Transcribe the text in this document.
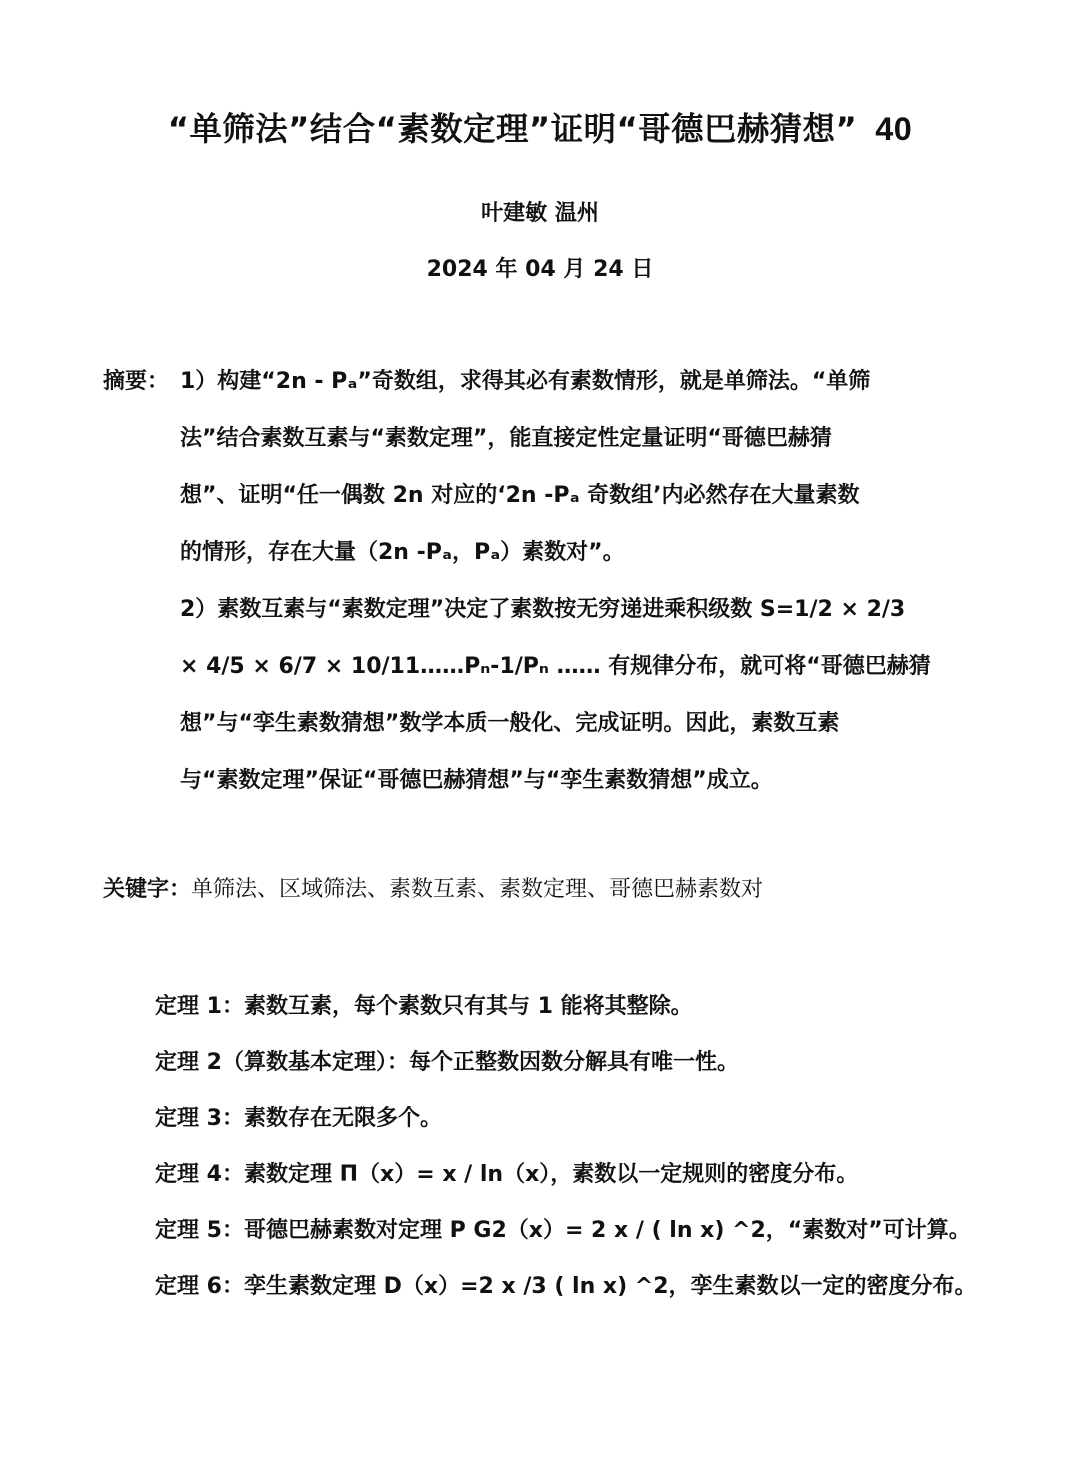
“单筛法”结合“素数定理”证明“哥德巴赫猜想” 40
叶建敏 温州
2024 年 04 月 24 日
摘要： 1）构建“2n - Pₐ”奇数组，求得其必有素数情形，就是单筛法。“单筛
法”结合素数互素与“素数定理”，能直接定性定量证明“哥德巴赫猜
想”、证明“任一偶数 2n 对应的‘2n -Pₐ 奇数组’内必然存在大量素数
的情形，存在大量（2n -Pₐ，Pₐ）素数对”。
2）素数互素与“素数定理”决定了素数按无穷递进乘积级数 S=1/2 × 2/3
× 4/5 × 6/7 × 10/11……Pₙ-1/Pₙ …… 有规律分布，就可将“哥德巴赫猜
想”与“孪生素数猜想”数学本质一般化、完成证明。因此，素数互素
与“素数定理”保证“哥德巴赫猜想”与“孪生素数猜想”成立。
关键字：单筛法、区域筛法、素数互素、素数定理、哥德巴赫素数对
定理 1：素数互素，每个素数只有其与 1 能将其整除。
定理 2（算数基本定理）：每个正整数因数分解具有唯一性。
定理 3：素数存在无限多个。
定理 4：素数定理 Π（x）= x / ln（x），素数以一定规则的密度分布。
定理 5：哥德巴赫素数对定理 P G2（x）= 2 x / ( ln x) ^2，“素数对”可计算。
定理 6：孪生素数定理 D（x）=2 x /3 ( ln x) ^2，孪生素数以一定的密度分布。
